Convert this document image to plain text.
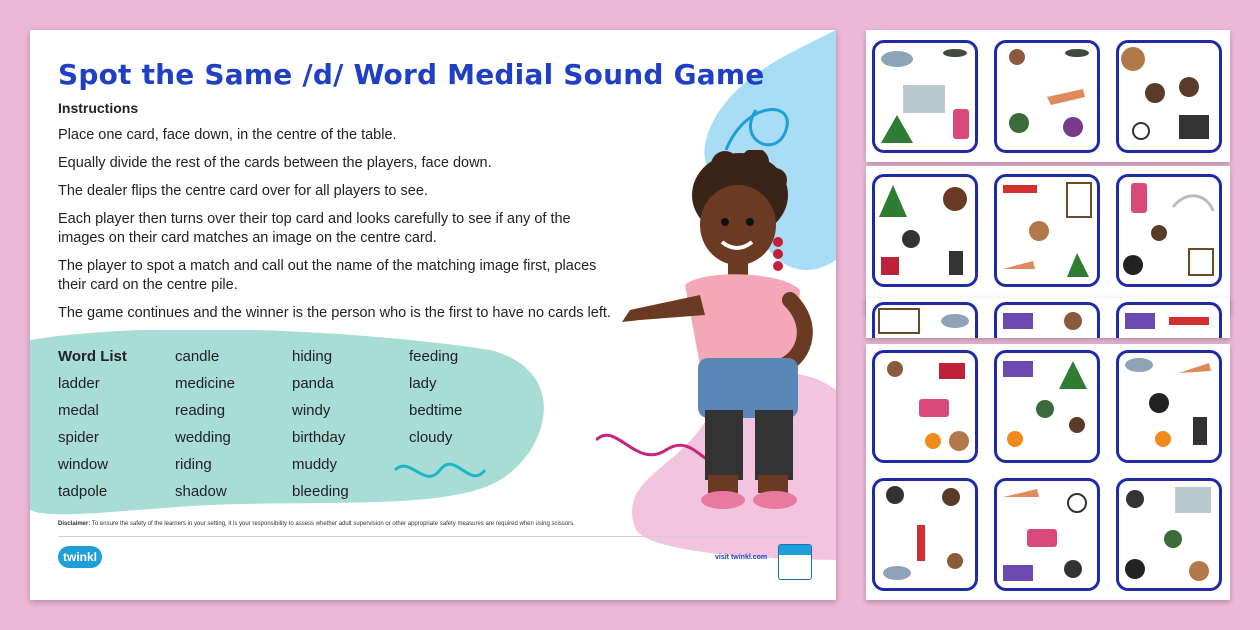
Spot the Same /d/ Word Medial Sound Game
Instructions
Place one card, face down, in the centre of the table.
Equally divide the rest of the cards between the players, face down.
The dealer flips the centre card over for all players to see.
Each player then turns over their top card and looks carefully to see if any of the images on their card matches an image on the centre card.
The player to spot a match and call out the name of the matching image first, places their card on the centre pile.
The game continues and the winner is the person who is the first to have no cards left.
Word List	candle	hiding	feeding
ladder	medicine	panda	lady
medal	reading	windy	bedtime
spider	wedding	birthday	cloudy
window	riding	muddy
tadpole	shadow	bleeding
Disclaimer: To ensure the safety of the learners in your setting, it is your responsibility to assess whether adult supervision or other appropriate safety measures are required when using scissors.
twinkl	visit twinkl.com
